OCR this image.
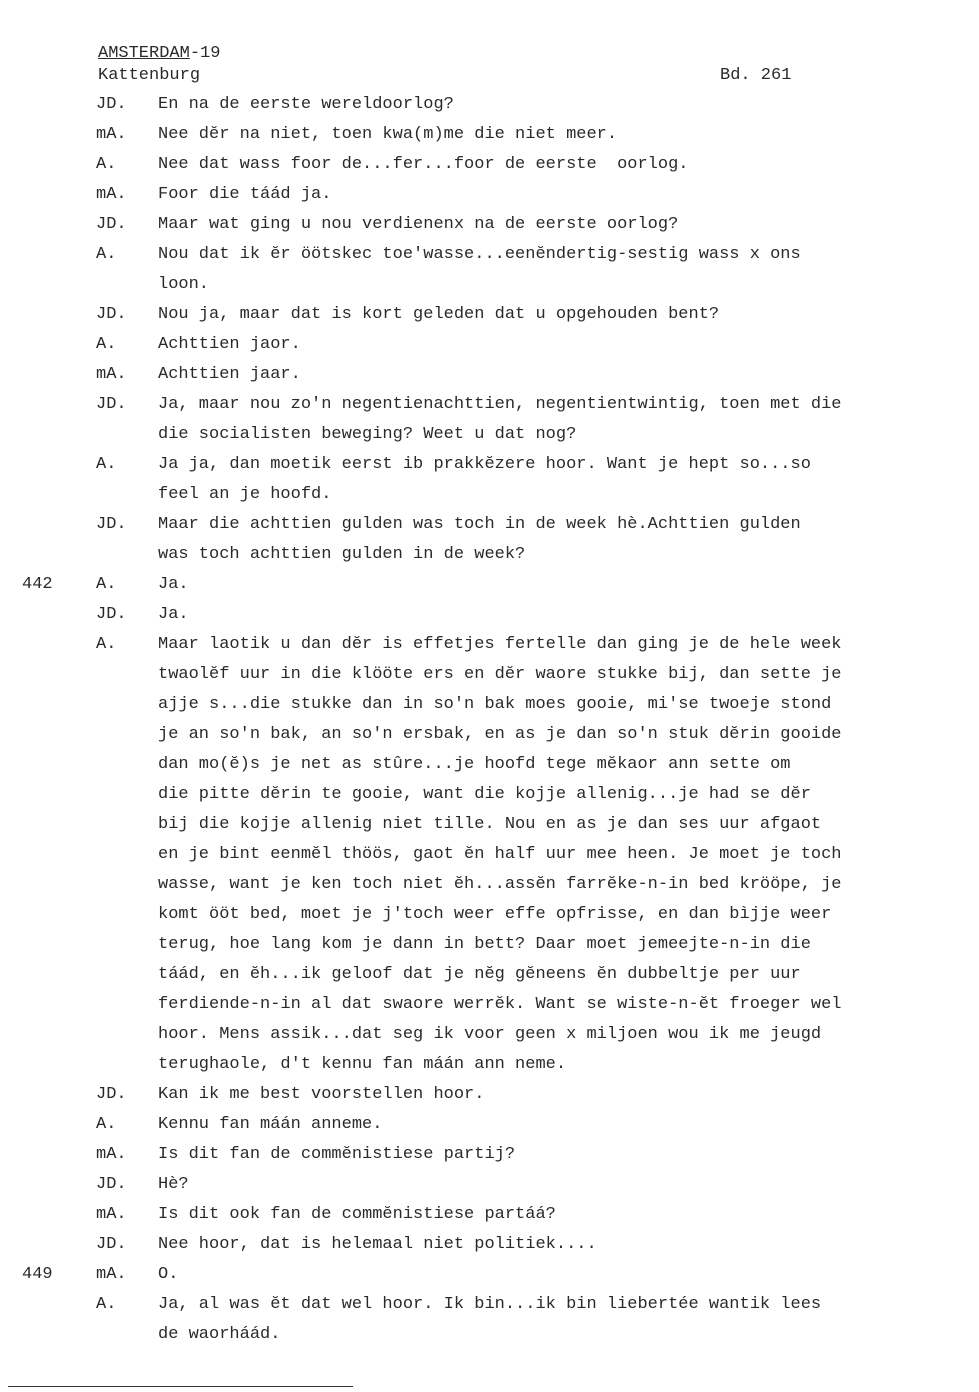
AMSTERDAM-19
Kattenburg	Bd. 261
JD.	En na de eerste wereldoorlog?
mA.	Nee dĕr na niet, toen kwa(m)me die niet meer.
A.	Nee dat wass foor de...fer...foor de eerste  oorlog.
mA.	Foor die táád ja.
JD.	Maar wat ging u nou verdienenx na de eerste oorlog?
A.	Nou dat ik ĕr öötskec toe'wasse...eenĕndertig-sestig wass x ons
loon.
JD.	Nou ja, maar dat is kort geleden dat u opgehouden bent?
A.	Achttien jaor.
mA.	Achttien jaar.
JD.	Ja, maar nou zo'n negentienachttien, negentientwintig, toen met die
die socialisten beweging? Weet u dat nog?
A.	Ja ja, dan moetik eerst ib prakkĕzere hoor. Want je hept so...so
feel an je hoofd.
JD.	Maar die achttien gulden was toch in de week hè.Achttien gulden
was toch achttien gulden in de week?
442	A.	Ja.
JD.	Ja.
A.	Maar laotik u dan dĕr is effetjes fertelle dan ging je de hele week
twaolĕf uur in die klööte ers en dĕr waore stukke bij, dan sette je
ajje s...die stukke dan in so'n bak moes gooie, mi'se twoeje stond
je an so'n bak, an so'n ersbak, en as je dan so'n stuk dĕrin gooide
dan mo(ĕ)s je net as stûre...je hoofd tege mĕkaor ann sette om
die pitte dĕrin te gooie, want die kojje allenig...je had se dĕr
bij die kojje allenig niet tille. Nou en as je dan ses uur afgaot
en je bint eenmĕl thöös, gaot ĕn half uur mee heen. Je moet je toch
wasse, want je ken toch niet ĕh...assĕn farrĕke-n-in bed krööpe, je
komt ööt bed, moet je j'toch weer effe opfrisse, en dan bìjje weer
terug, hoe lang kom je dann in bett? Daar moet jemeejte-n-in die
táád, en ĕh...ik geloof dat je nĕg gĕneens ĕn dubbeltje per uur
ferdiende-n-in al dat swaore werrĕk. Want se wiste-n-ĕt froeger wel
hoor. Mens assik...dat seg ik voor geen x miljoen wou ik me jeugd
terughaole, d't kennu fan máán ann neme.
JD.	Kan ik me best voorstellen hoor.
A.	Kennu fan máán anneme.
mA.	Is dit fan de commĕnistiese partij?
JD.	Hè?
mA.	Is dit ook fan de commĕnistiese partáá?
JD.	Nee hoor, dat is helemaal niet politiek....
449	mA.	O.
A.	Ja, al was ĕt dat wel hoor. Ik bin...ik bin liebertée wantik lees
de waorháád.
